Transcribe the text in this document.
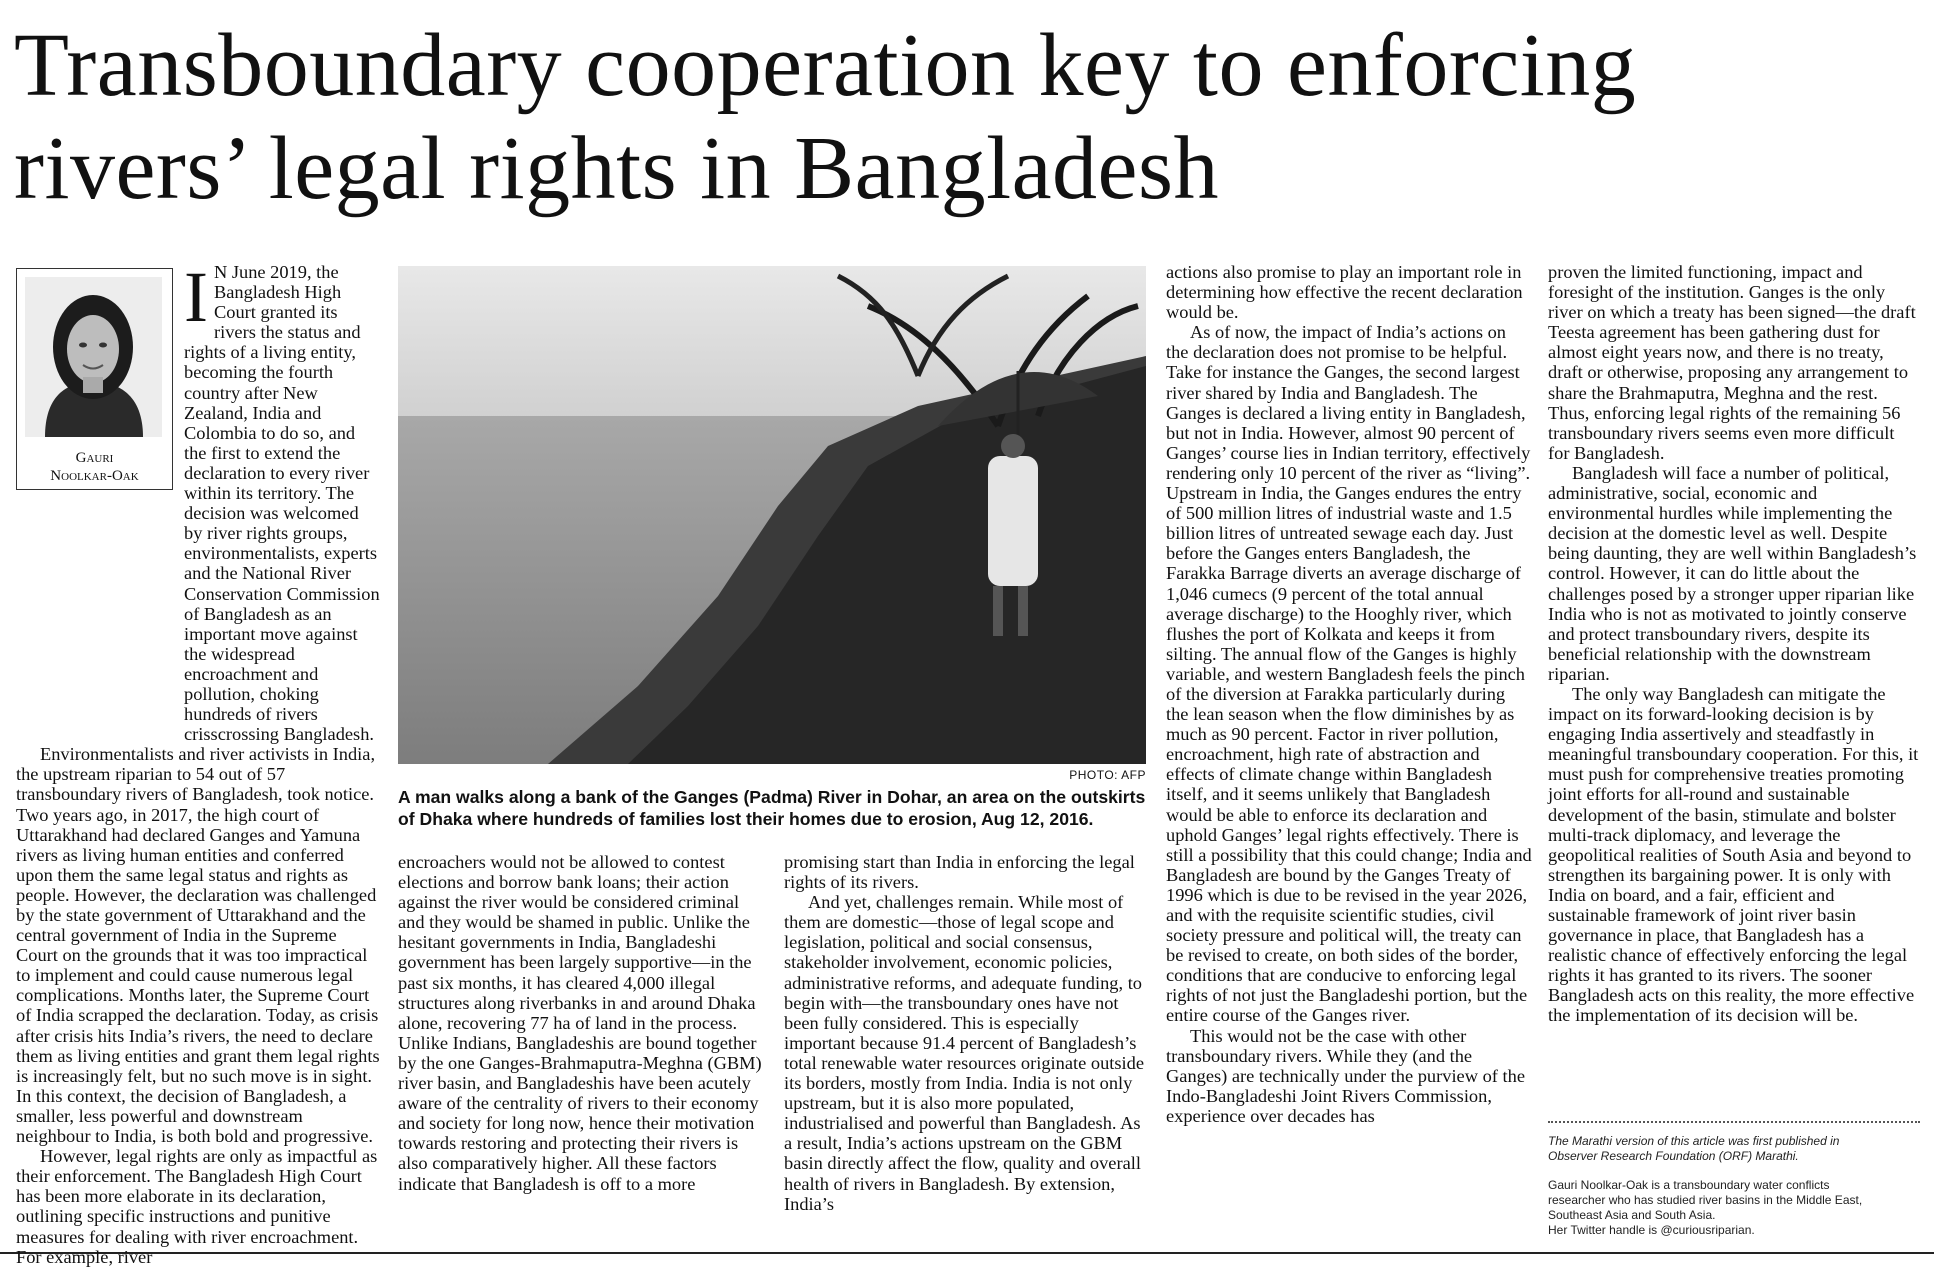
Transboundary cooperation key to enforcing
rivers’ legal rights in Bangladesh
Gauri
Noolkar-Oak

I N June 2019, the Bangladesh High Court granted its rivers the status and rights of a living entity, becoming the fourth country after New Zealand, India and Colombia to do so, and the first to extend the declaration to every river within its territory. The decision was welcomed by river rights groups, environmentalists, experts and the National River Conservation Commission of Bangladesh as an important move against the widespread encroachment and pollution, choking hundreds of rivers crisscrossing Bangladesh.

Environmentalists and river activists in India, the upstream riparian to 54 out of 57 transboundary rivers of Bangladesh, took notice. Two years ago, in 2017, the high court of Uttarakhand had declared Ganges and Yamuna rivers as living human entities and conferred upon them the same legal status and rights as people. However, the declaration was challenged by the state government of Uttarakhand and the central government of India in the Supreme Court on the grounds that it was too impractical to implement and could cause numerous legal complications. Months later, the Supreme Court of India scrapped the declaration. Today, as crisis after crisis hits India’s rivers, the need to declare them as living entities and grant them legal rights is increasingly felt, but no such move is in sight. In this context, the decision of Bangladesh, a smaller, less powerful and downstream neighbour to India, is both bold and progressive.

However, legal rights are only as impactful as their enforcement. The Bangladesh High Court has been more elaborate in its declaration, outlining specific instructions and punitive measures for dealing with river encroachment. For example, river

PHOTO: AFP
A man walks along a bank of the Ganges (Padma) River in Dohar, an area on the outskirts of Dhaka where hundreds of families lost their homes due to erosion, Aug 12, 2016.

encroachers would not be allowed to contest elections and borrow bank loans; their action against the river would be considered criminal and they would be shamed in public. Unlike the hesitant governments in India, Bangladeshi government has been largely supportive—in the past six months, it has cleared 4,000 illegal structures along riverbanks in and around Dhaka alone, recovering 77 ha of land in the process. Unlike Indians, Bangladeshis are bound together by the one Ganges-Brahmaputra-Meghna (GBM) river basin, and Bangladeshis have been acutely aware of the centrality of rivers to their economy and society for long now, hence their motivation towards restoring and protecting their rivers is also comparatively higher. All these factors indicate that Bangladesh is off to a more

promising start than India in enforcing the legal rights of its rivers.

And yet, challenges remain. While most of them are domestic—those of legal scope and legislation, political and social consensus, stakeholder involvement, economic policies, administrative reforms, and adequate funding, to begin with—the transboundary ones have not been fully considered. This is especially important because 91.4 percent of Bangladesh’s total renewable water resources originate outside its borders, mostly from India. India is not only upstream, but it is also more populated, industrialised and powerful than Bangladesh. As a result, India’s actions upstream on the GBM basin directly affect the flow, quality and overall health of rivers in Bangladesh. By extension, India’s

actions also promise to play an important role in determining how effective the recent declaration would be.

As of now, the impact of India’s actions on the declaration does not promise to be helpful. Take for instance the Ganges, the second largest river shared by India and Bangladesh. The Ganges is declared a living entity in Bangladesh, but not in India. However, almost 90 percent of Ganges’ course lies in Indian territory, effectively rendering only 10 percent of the river as “living”. Upstream in India, the Ganges endures the entry of 500 million litres of industrial waste and 1.5 billion litres of untreated sewage each day. Just before the Ganges enters Bangladesh, the Farakka Barrage diverts an average discharge of 1,046 cumecs (9 percent of the total annual average discharge) to the Hooghly river, which flushes the port of Kolkata and keeps it from silting. The annual flow of the Ganges is highly variable, and western Bangladesh feels the pinch of the diversion at Farakka particularly during the lean season when the flow diminishes by as much as 90 percent. Factor in river pollution, encroachment, high rate of abstraction and effects of climate change within Bangladesh itself, and it seems unlikely that Bangladesh would be able to enforce its declaration and uphold Ganges’ legal rights effectively. There is still a possibility that this could change; India and Bangladesh are bound by the Ganges Treaty of 1996 which is due to be revised in the year 2026, and with the requisite scientific studies, civil society pressure and political will, the treaty can be revised to create, on both sides of the border, conditions that are conducive to enforcing legal rights of not just the Bangladeshi portion, but the entire course of the Ganges river.

This would not be the case with other transboundary rivers. While they (and the Ganges) are technically under the purview of the Indo-Bangladeshi Joint Rivers Commission, experience over decades has

proven the limited functioning, impact and foresight of the institution. Ganges is the only river on which a treaty has been signed—the draft Teesta agreement has been gathering dust for almost eight years now, and there is no treaty, draft or otherwise, proposing any arrangement to share the Brahmaputra, Meghna and the rest. Thus, enforcing legal rights of the remaining 56 transboundary rivers seems even more difficult for Bangladesh.

Bangladesh will face a number of political, administrative, social, economic and environmental hurdles while implementing the decision at the domestic level as well. Despite being daunting, they are well within Bangladesh’s control. However, it can do little about the challenges posed by a stronger upper riparian like India who is not as motivated to jointly conserve and protect transboundary rivers, despite its beneficial relationship with the downstream riparian.

The only way Bangladesh can mitigate the impact on its forward-looking decision is by engaging India assertively and steadfastly in meaningful transboundary cooperation. For this, it must push for comprehensive treaties promoting joint efforts for all-round and sustainable development of the basin, stimulate and bolster multi-track diplomacy, and leverage the geopolitical realities of South Asia and beyond to strengthen its bargaining power. It is only with India on board, and a fair, efficient and sustainable framework of joint river basin governance in place, that Bangladesh has a realistic chance of effectively enforcing the legal rights it has granted to its rivers. The sooner Bangladesh acts on this reality, the more effective the implementation of its decision will be.

The Marathi version of this article was first published in
Observer Research Foundation (ORF) Marathi.
Gauri Noolkar-Oak is a transboundary water conflicts
researcher who has studied river basins in the Middle East,
Southeast Asia and South Asia.
Her Twitter handle is @curiousriparian.
